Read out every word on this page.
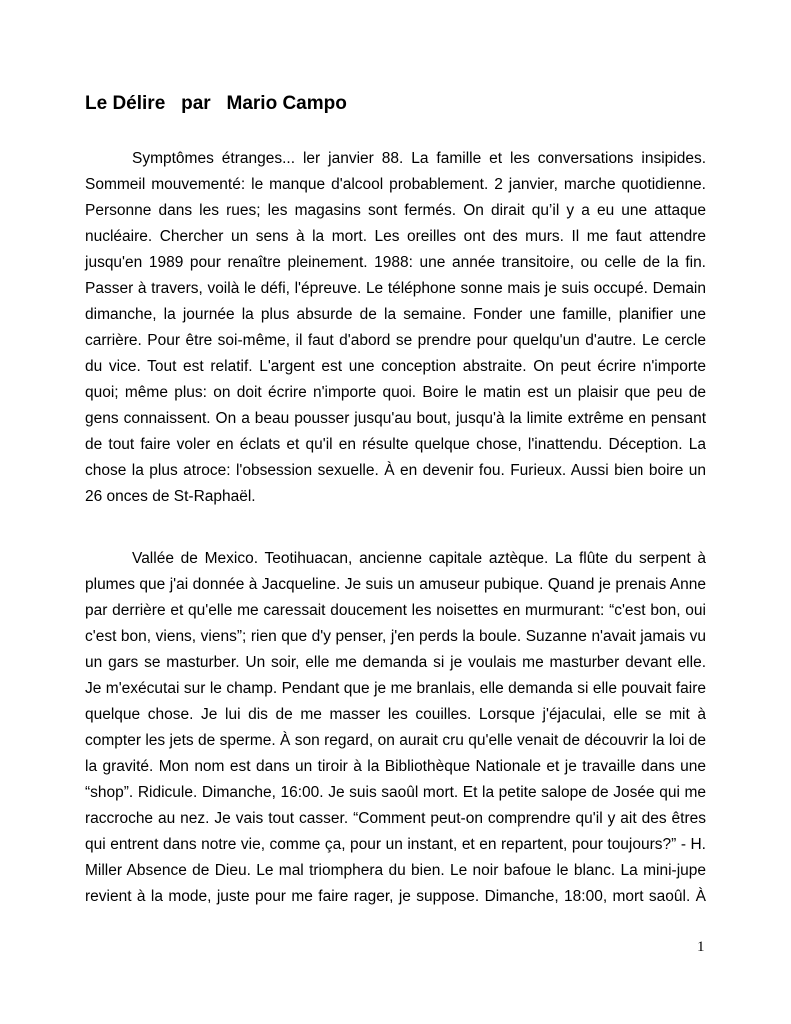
Le Délire   par   Mario Campo
Symptômes étranges... ler janvier 88. La famille et les conversations insipides.
Sommeil mouvementé: le manque d'alcool probablement. 2 janvier, marche quotidienne.
Personne dans les rues; les magasins sont fermés. On dirait qu’il y a eu une attaque
nucléaire. Chercher un sens à la mort. Les oreilles ont des murs. Il me faut attendre
jusqu'en 1989 pour renaître pleinement. 1988: une année transitoire, ou celle de la fin.
Passer à travers, voilà le défi, l'épreuve. Le téléphone sonne mais je suis occupé. Demain
dimanche, la journée la plus absurde de la semaine. Fonder une famille, planifier une
carrière. Pour être soi-même, il faut d'abord se prendre pour quelqu'un d'autre. Le cercle
du vice. Tout est relatif. L'argent est une conception abstraite. On peut écrire n'importe
quoi; même plus: on doit écrire n'importe quoi. Boire le matin est un plaisir que peu de
gens connaissent. On a beau pousser jusqu'au bout, jusqu'à la limite extrême en pensant
de tout faire voler en éclats et qu'il en résulte quelque chose, l'inattendu. Déception. La
chose la plus atroce: l'obsession sexuelle. À en devenir fou. Furieux. Aussi bien boire un
26 onces de St-Raphaël.
Vallée de Mexico. Teotihuacan, ancienne capitale aztèque. La flûte du serpent à
plumes que j'ai donnée à Jacqueline. Je suis un amuseur pubique. Quand je prenais Anne
par derrière et qu'elle me caressait doucement les noisettes en murmurant: “c'est bon, oui
c'est bon, viens, viens”; rien que d'y penser, j'en perds la boule. Suzanne n'avait jamais vu
un gars se masturber. Un soir, elle me demanda si je voulais me masturber devant elle.
Je m'exécutai sur le champ. Pendant que je me branlais, elle demanda si elle pouvait faire
quelque chose. Je lui dis de me masser les couilles. Lorsque j'éjaculai, elle se mit à
compter les jets de sperme. À son regard, on aurait cru qu'elle venait de découvrir la loi de
la gravité. Mon nom est dans un tiroir à la Bibliothèque Nationale et je travaille dans une
“shop”. Ridicule. Dimanche, 16:00. Je suis saoûl mort. Et la petite salope de Josée qui me
raccroche au nez. Je vais tout casser. “Comment peut-on comprendre qu'il y ait des êtres
qui entrent dans notre vie, comme ça, pour un instant, et en repartent, pour toujours?” - H.
Miller Absence de Dieu. Le mal triomphera du bien. Le noir bafoue le blanc. La mini-jupe
revient à la mode, juste pour me faire rager, je suppose. Dimanche, 18:00, mort saoûl. À
1
